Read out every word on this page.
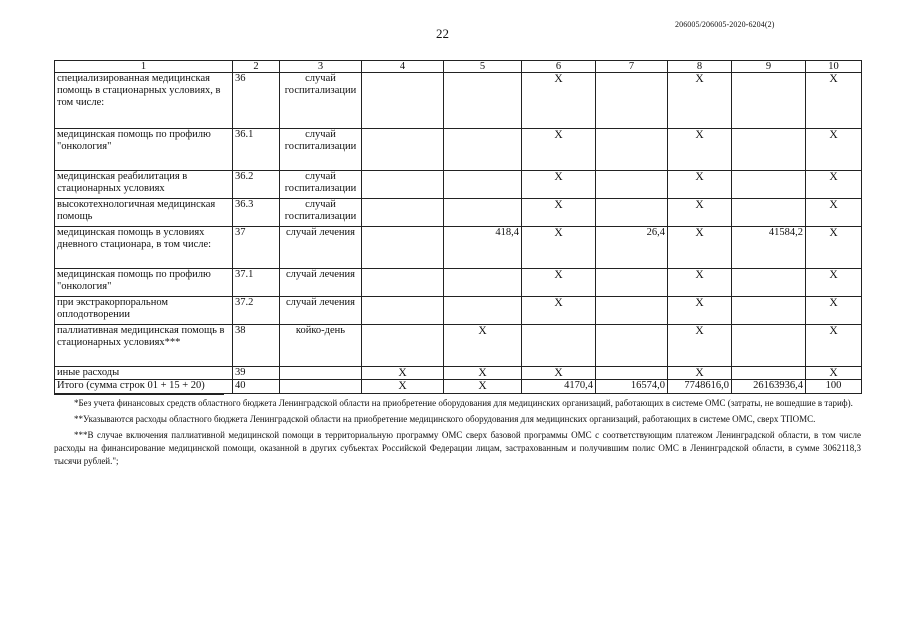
22
206005/206005-2020-6204(2)
1	2	3	4	5	6	7	8	9	10
специализированная медицинская помощь в стационарных условиях, в том числе:	36	случай госпитализации			X		X		X
медицинская помощь по профилю "онкология"	36.1	случай госпитализации			X		X		X
медицинская реабилитация в стационарных условиях	36.2	случай госпитализации			X		X		X
высокотехнологичная медицинская помощь	36.3	случай госпитализации			X		X		X
медицинская помощь в условиях дневного стационара, в том числе:	37	случай лечения		418,4	X	26,4	X	41584,2	X
медицинская помощь по профилю "онкология"	37.1	случай лечения			X		X		X
при экстракорпоральном оплодотворении	37.2	случай лечения			X		X		X
паллиативная медицинская помощь в стационарных условиях***	38	койко-день		X			X		X
иные расходы	39		X	X	X		X		X
Итого (сумма строк 01 + 15 + 20)	40		X	X	4170,4	16574,0	7748616,0	26163936,4	100
*Без учета финансовых средств областного бюджета Ленинградской области на приобретение оборудования для медицинских организаций, работающих в системе ОМС (затраты, не вошедшие в тариф).
**Указываются расходы областного бюджета Ленинградской области на приобретение медицинского оборудования для медицинских организаций, работающих в системе ОМС, сверх ТПОМС.
***В случае включения паллиативной медицинской помощи в территориальную программу ОМС сверх базовой программы ОМС с соответствующим платежом Ленинградской области, в том числе расходы на финансирование медицинской помощи, оказанной в других субъектах Российской Федерации лицам, застрахованным и получившим полис ОМС в Ленинградской области, в сумме 3062118,3 тысячи рублей.";
